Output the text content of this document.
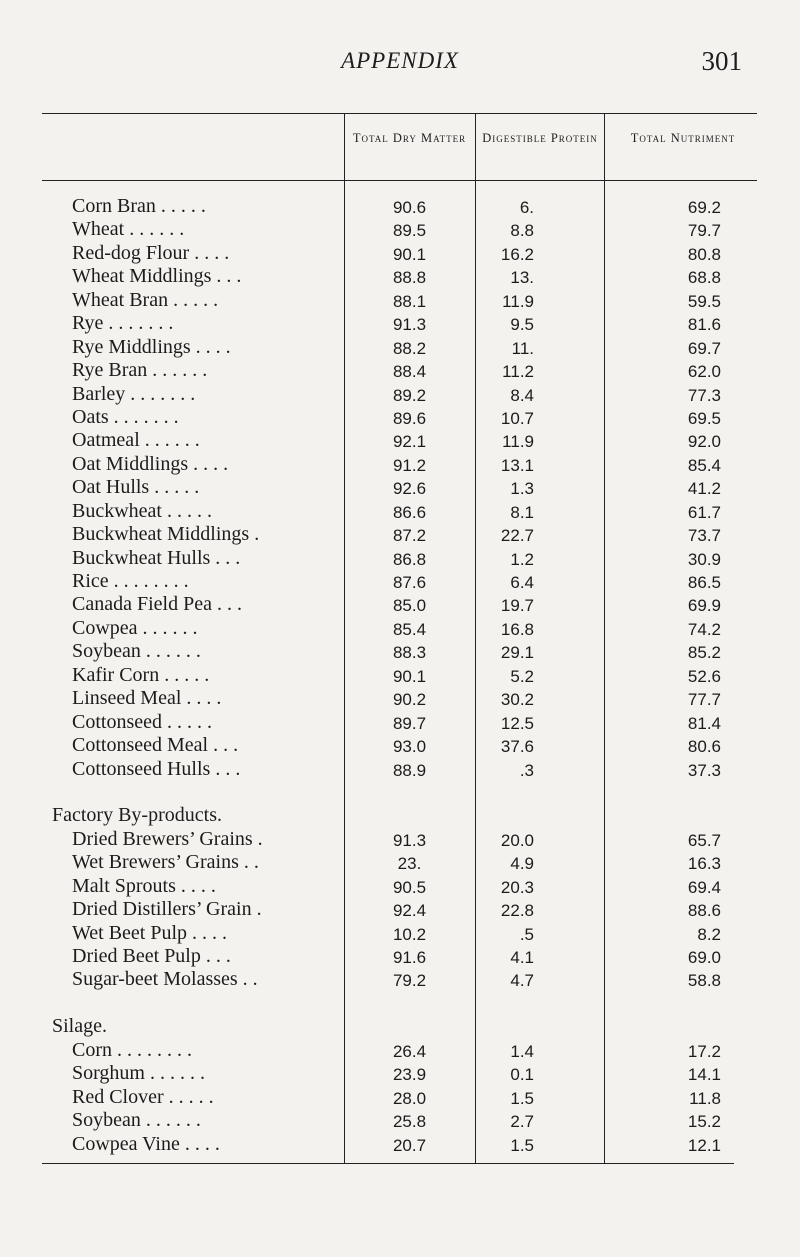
APPENDIX	301
Total Dry Matter	Digestible Protein	Total Nutriment
Corn Bran . . . . .	90.6	6.	69.2
Wheat . . . . . .	89.5	8.8	79.7
Red-dog Flour . . . .	90.1	16.2	80.8
Wheat Middlings . . .	88.8	13.	68.8
Wheat Bran . . . . .	88.1	11.9	59.5
Rye . . . . . . .	91.3	9.5	81.6
Rye Middlings . . . .	88.2	11.	69.7
Rye Bran . . . . . .	88.4	11.2	62.0
Barley . . . . . . .	89.2	8.4	77.3
Oats . . . . . . .	89.6	10.7	69.5
Oatmeal . . . . . .	92.1	11.9	92.0
Oat Middlings . . . .	91.2	13.1	85.4
Oat Hulls . . . . .	92.6	1.3	41.2
Buckwheat . . . . .	86.6	8.1	61.7
Buckwheat Middlings .	87.2	22.7	73.7
Buckwheat Hulls . . .	86.8	1.2	30.9
Rice . . . . . . . .	87.6	6.4	86.5
Canada Field Pea . . .	85.0	19.7	69.9
Cowpea . . . . . .	85.4	16.8	74.2
Soybean . . . . . .	88.3	29.1	85.2
Kafir Corn . . . . .	90.1	5.2	52.6
Linseed Meal . . . .	90.2	30.2	77.7
Cottonseed . . . . .	89.7	12.5	81.4
Cottonseed Meal . . .	93.0	37.6	80.6
Cottonseed Hulls . . .	88.9	.3	37.3
Factory By-products.
Dried Brewers’ Grains .	91.3	20.0	65.7
Wet Brewers’ Grains . .	23.	4.9	16.3
Malt Sprouts . . . .	90.5	20.3	69.4
Dried Distillers’ Grain .	92.4	22.8	88.6
Wet Beet Pulp . . . .	10.2	.5	8.2
Dried Beet Pulp . . .	91.6	4.1	69.0
Sugar-beet Molasses . .	79.2	4.7	58.8
Silage.
Corn . . . . . . . .	26.4	1.4	17.2
Sorghum . . . . . .	23.9	0.1	14.1
Red Clover . . . . .	28.0	1.5	11.8
Soybean . . . . . .	25.8	2.7	15.2
Cowpea Vine . . . .	20.7	1.5	12.1
